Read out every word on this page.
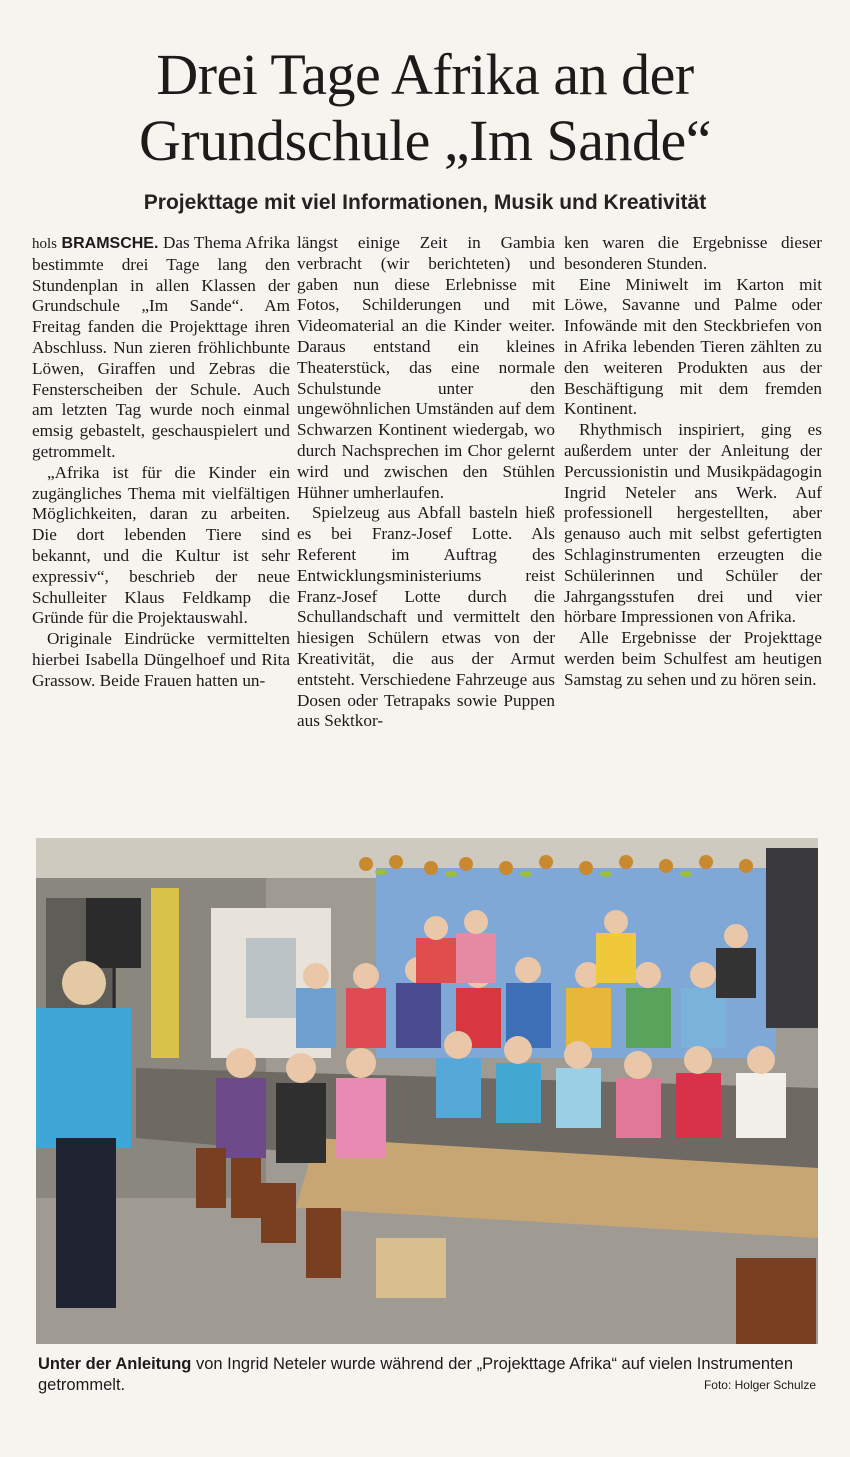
Drei Tage Afrika an der
Grundschule „Im Sande“
Projekttage mit viel Informationen, Musik und Kreativität

hols BRAMSCHE. Das Thema Afrika bestimmte drei Tage lang den Stundenplan in allen Klassen der Grundschule „Im Sande“. Am Freitag fanden die Projekttage ihren Abschluss. Nun zieren fröhlichbunte Löwen, Giraffen und Zebras die Fensterscheiben der Schule. Auch am letzten Tag wurde noch einmal emsig gebastelt, geschauspielert und getrommelt.

„Afrika ist für die Kinder ein zugängliches Thema mit vielfältigen Möglichkeiten, daran zu arbeiten. Die dort lebenden Tiere sind bekannt, und die Kultur ist sehr expressiv“, beschrieb der neue Schulleiter Klaus Feldkamp die Gründe für die Projektauswahl.

Originale Eindrücke vermittelten hierbei Isabella Düngelhoef und Rita Grassow. Beide Frauen hatten un-

längst einige Zeit in Gambia verbracht (wir berichteten) und gaben nun diese Erlebnisse mit Fotos, Schilderungen und mit Videomaterial an die Kinder weiter. Daraus entstand ein kleines Theaterstück, das eine normale Schulstunde unter den ungewöhnlichen Umständen auf dem Schwarzen Kontinent wiedergab, wo durch Nachsprechen im Chor gelernt wird und zwischen den Stühlen Hühner umherlaufen.

Spielzeug aus Abfall basteln hieß es bei Franz-Josef Lotte. Als Referent im Auftrag des Entwicklungsministeriums reist Franz-Josef Lotte durch die Schullandschaft und vermittelt den hiesigen Schülern etwas von der Kreativität, die aus der Armut entsteht. Verschiedene Fahrzeuge aus Dosen oder Tetrapaks sowie Puppen aus Sektkor-

ken waren die Ergebnisse dieser besonderen Stunden.

Eine Miniwelt im Karton mit Löwe, Savanne und Palme oder Infowände mit den Steckbriefen von in Afrika lebenden Tieren zählten zu den weiteren Produkten aus der Beschäftigung mit dem fremden Kontinent.

Rhythmisch inspiriert, ging es außerdem unter der Anleitung der Percussionistin und Musikpädagogin Ingrid Neteler ans Werk. Auf professionell hergestellten, aber genauso auch mit selbst gefertigten Schlaginstrumenten erzeugten die Schülerinnen und Schüler der Jahrgangsstufen drei und vier hörbare Impressionen von Afrika.

Alle Ergebnisse der Projekttage werden beim Schulfest am heutigen Samstag zu sehen und zu hören sein.

Unter der Anleitung von Ingrid Neteler wurde während der „Projekttage Afrika“ auf vielen Instrumenten getrommelt.	Foto: Holger Schulze
